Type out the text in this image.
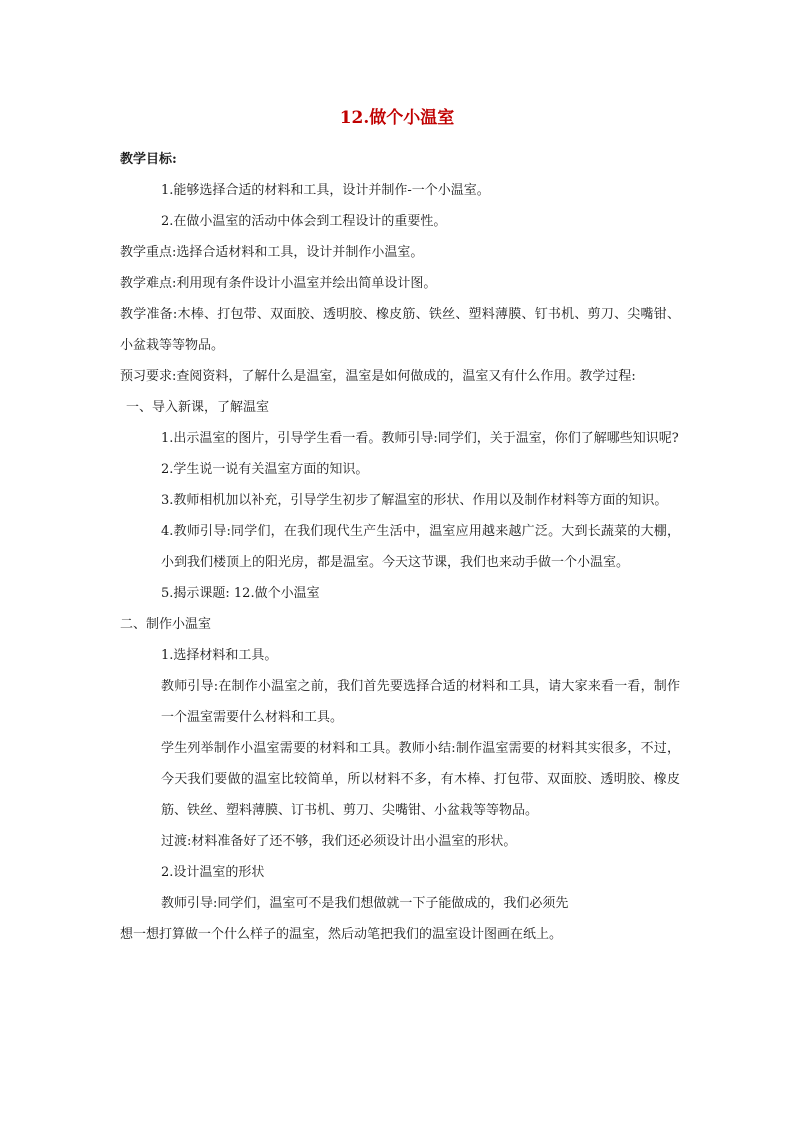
12.做个小温室

教学目标:

1.能够选择合适的材料和工具，设计并制作-一个小温室。

2.在做小温室的活动中体会到工程设计的重要性。

教学重点:选择合适材料和工具，设计并制作小温室。

教学难点:利用现有条件设计小温室并绘出简单设计图。

教学准备:木棒、打包带、双面胶、透明胶、橡皮筋、铁丝、塑料薄膜、钉书机、剪刀、尖嘴钳、小盆栽等等物品。

预习要求:查阅资料，了解什么是温室，温室是如何做成的，温室又有什么作用。教学过程:

一、导入新课，了解温室

1.出示温室的图片，引导学生看一看。教师引导:同学们，关于温室，你们了解哪些知识呢?

2.学生说一说有关温室方面的知识。

3.教师相机加以补充，引导学生初步了解温室的形状、作用以及制作材料等方面的知识。

4.教师引导:同学们，在我们现代生产生活中，温室应用越来越广泛。大到长蔬菜的大棚，小到我们楼顶上的阳光房，都是温室。今天这节课，我们也来动手做一个小温室。

5.揭示课题: 12.做个小温室

二、制作小温室

1.选择材料和工具。

教师引导:在制作小温室之前，我们首先要选择合适的材料和工具，请大家来看一看，制作一个温室需要什么材料和工具。

学生列举制作小温室需要的材料和工具。教师小结:制作温室需要的材料其实很多，不过，今天我们要做的温室比较简单，所以材料不多，有木棒、打包带、双面胶、透明胶、橡皮筋、铁丝、塑料薄膜、订书机、剪刀、尖嘴钳、小盆栽等等物品。

过渡:材料准备好了还不够，我们还必须设计出小温室的形状。

2.设计温室的形状

教师引导:同学们，温室可不是我们想做就一下子能做成的，我们必须先

想一想打算做一个什么样子的温室，然后动笔把我们的温室设计图画在纸上。
